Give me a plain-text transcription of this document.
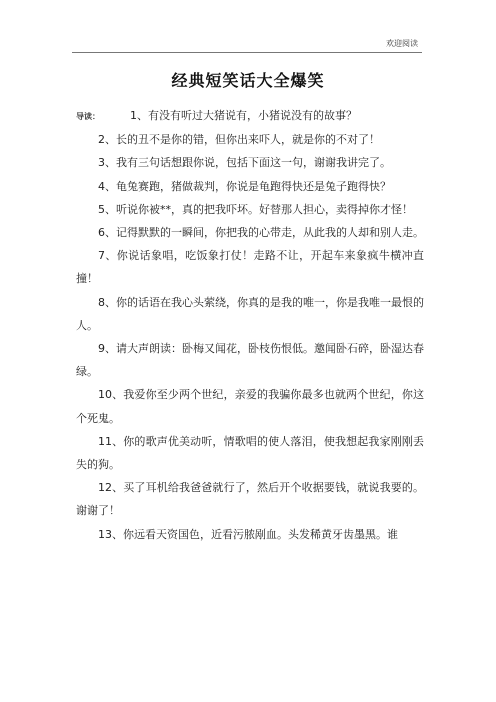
欢迎阅读
经典短笑话大全爆笑

导读：	1、有没有听过大猪说有，小猪说没有的故事？

2、长的丑不是你的错，但你出来吓人，就是你的不对了！

3、我有三句话想跟你说，包括下面这一句，谢谢我讲完了。

4、龟兔赛跑，猪做裁判，你说是龟跑得快还是兔子跑得快？

5、听说你被**，真的把我吓坏。好替那人担心，卖得掉你才怪！

6、记得默默的一瞬间，你把我的心带走，从此我的人却和别人走。

7、你说话象唱，吃饭象打仗！走路不让，开起车来象疯牛横冲直撞！

8、你的话语在我心头萦绕，你真的是我的唯一，你是我唯一最恨的人。

9、请大声朗读：卧梅又闻花，卧枝伤恨低。邀闻卧石碎，卧湿达春绿。

10、我爱你至少两个世纪，亲爱的我骗你最多也就两个世纪，你这个死鬼。

11、你的歌声优美动听，情歌唱的使人落泪，使我想起我家刚刚丢失的狗。

12、买了耳机给我爸爸就行了，然后开个收据要钱，就说我要的。谢谢了！

13、你远看天资国色，近看污脓剐血。头发稀黄牙齿墨黑。谁
